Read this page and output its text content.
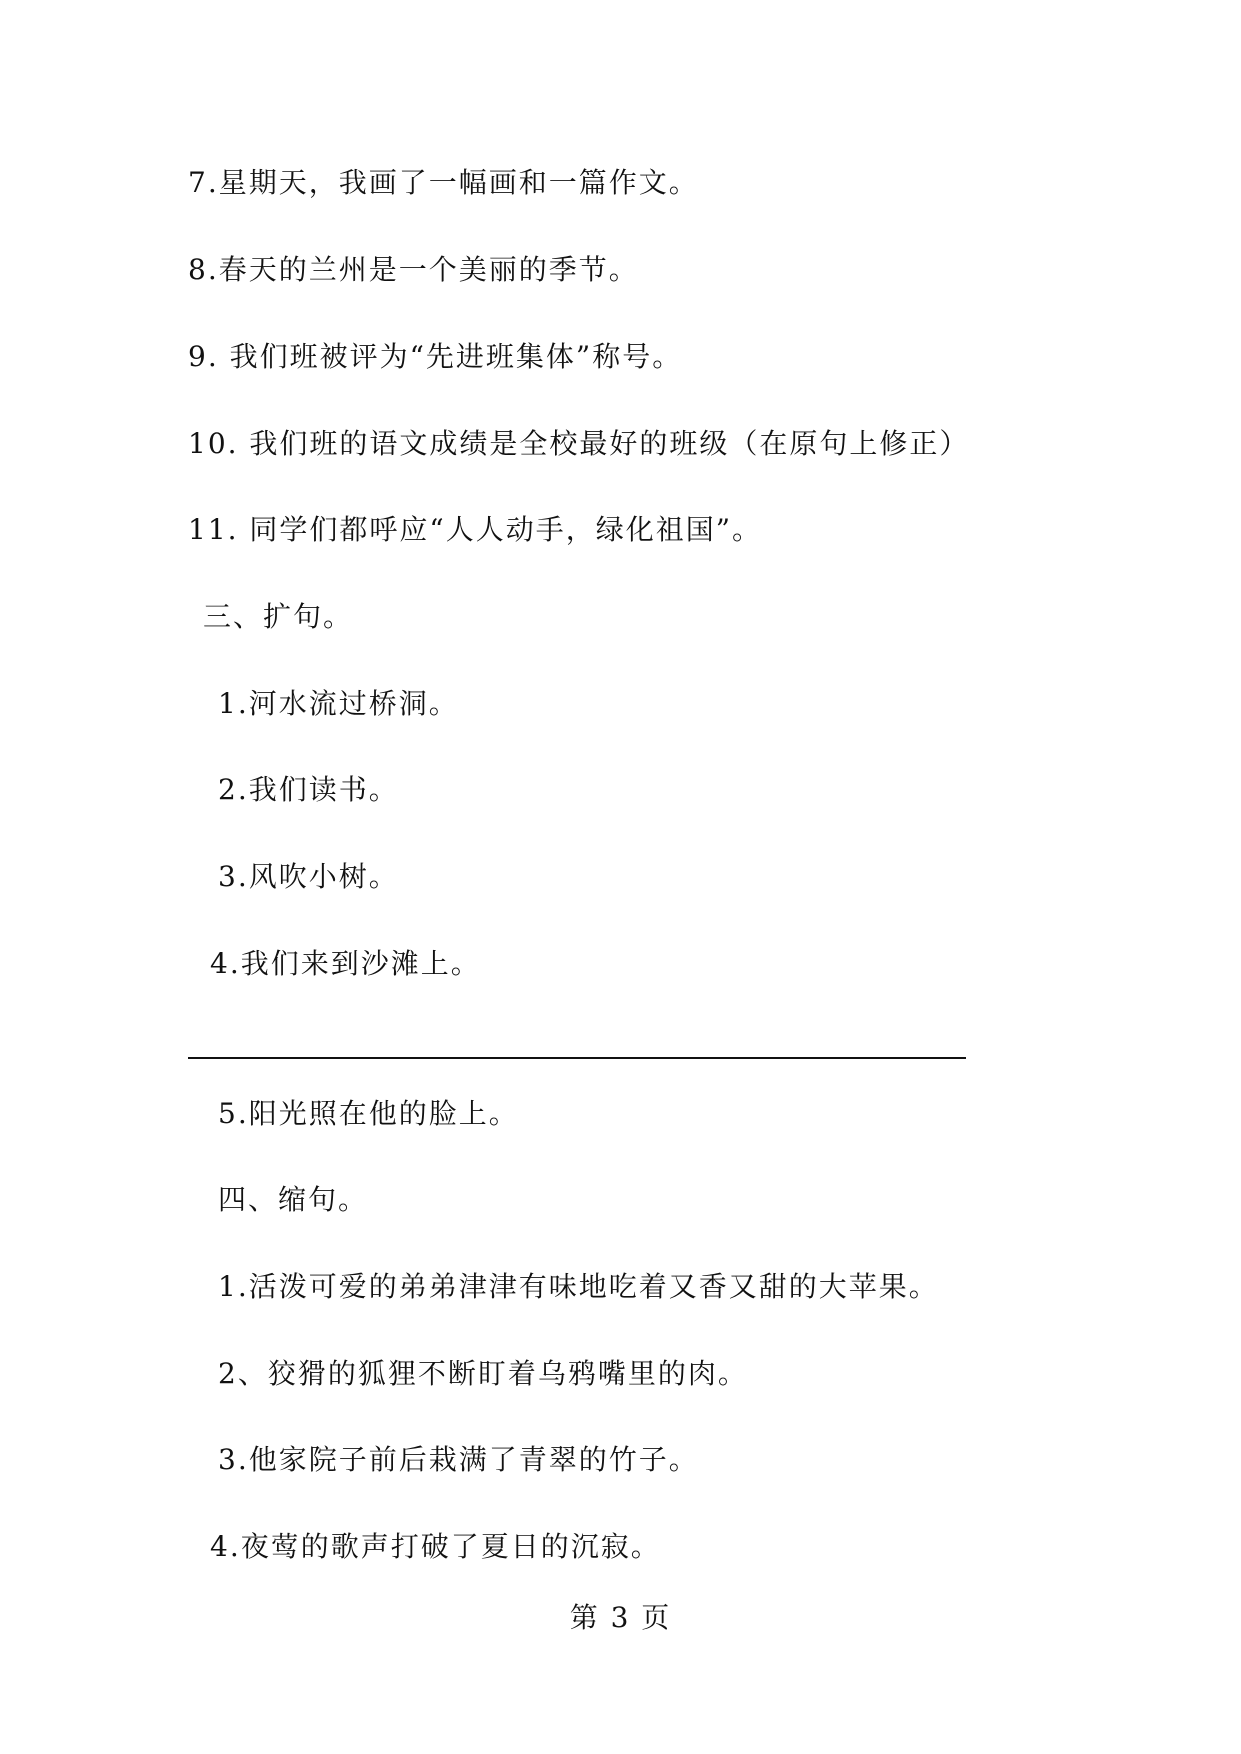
7.星期天，我画了一幅画和一篇作文。
8.春天的兰州是一个美丽的季节。
9. 我们班被评为“先进班集体”称号。
10. 我们班的语文成绩是全校最好的班级（在原句上修正）
11. 同学们都呼应“人人动手，绿化祖国”。
三、扩句。
1.河水流过桥洞。
2.我们读书。
3.风吹小树。
4.我们来到沙滩上。
5.阳光照在他的脸上。
四、缩句。
1.活泼可爱的弟弟津津有味地吃着又香又甜的大苹果。
2、狡猾的狐狸不断盯着乌鸦嘴里的肉。
3.他家院子前后栽满了青翠的竹子。
4.夜莺的歌声打破了夏日的沉寂。
第 3 页
